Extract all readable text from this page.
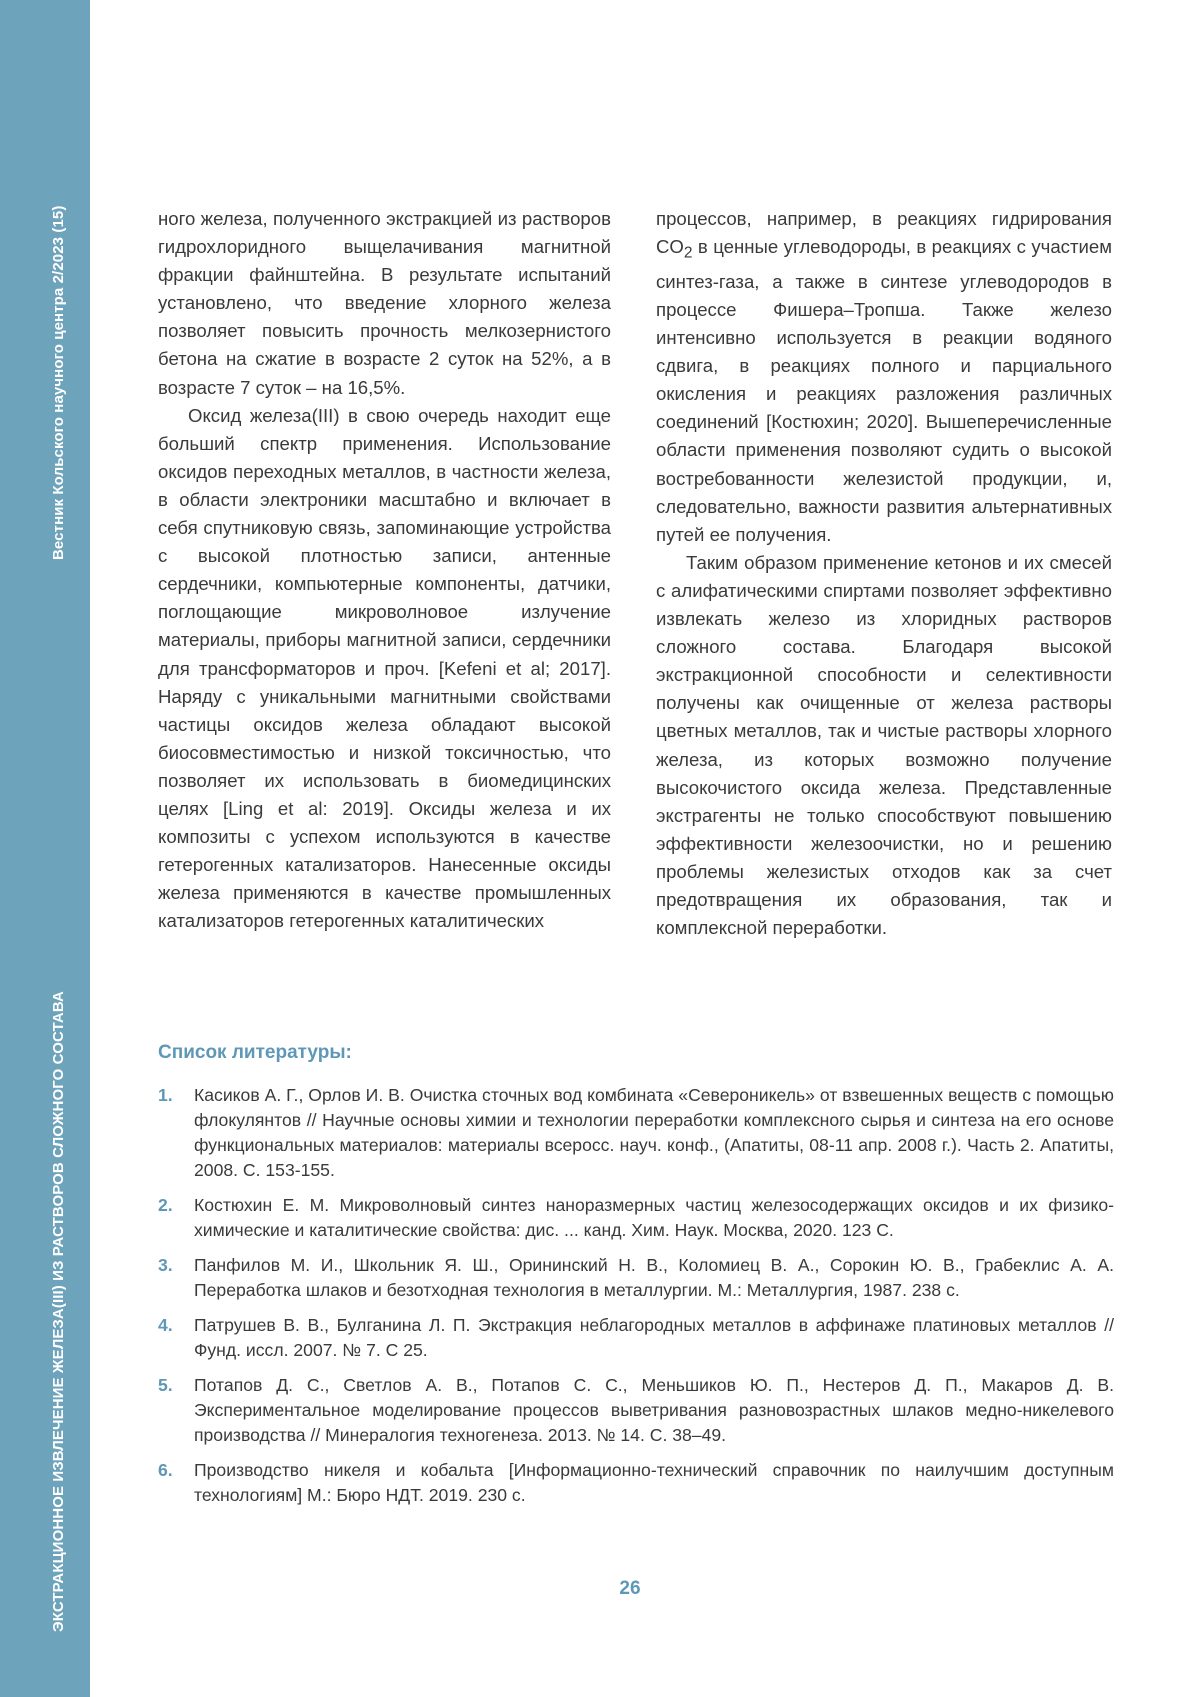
Вестник Кольского научного центра 2/2023 (15)
ЭКСТРАКЦИОННОЕ ИЗВЛЕЧЕНИЕ ЖЕЛЕЗА(III) ИЗ РАСТВОРОВ СЛОЖНОГО СОСТАВА

ного железа, полученного экстракцией из растворов гидрохлоридного выщелачивания магнитной фракции файнштейна. В результате испытаний установлено, что введение хлорного железа позволяет повысить прочность мелкозернистого бетона на сжатие в возрасте 2 суток на 52%, а в возрасте 7 суток – на 16,5%.

Оксид железа(III) в свою очередь находит еще больший спектр применения. Использование оксидов переходных металлов, в частности железа, в области электроники масштабно и включает в себя спутниковую связь, запоминающие устройства с высокой плотностью записи, антенные сердечники, компьютерные компоненты, датчики, поглощающие микроволновое излучение материалы, приборы магнитной записи, сердечники для трансформаторов и проч. [Kefeni et al; 2017]. Наряду с уникальными магнитными свойствами частицы оксидов железа обладают высокой биосовместимостью и низкой токсичностью, что позволяет их использовать в биомедицинских целях [Ling et al: 2019]. Оксиды железа и их композиты с успехом используются в качестве гетерогенных катализаторов. Нанесенные оксиды железа применяются в качестве промышленных катализаторов гетерогенных каталитических

процессов, например, в реакциях гидрирования $CO_2$ в ценные углеводороды, в реакциях с участием синтез-газа, а также в синтезе углеводородов в процессе Фишера–Тропша. Также железо интенсивно используется в реакции водяного сдвига, в реакциях полного и парциального окисления и реакциях разложения различных соединений [Костюхин; 2020]. Вышеперечисленные области применения позволяют судить о высокой востребованности железистой продукции, и, следовательно, важности развития альтернативных путей ее получения.

Таким образом применение кетонов и их смесей с алифатическими спиртами позволяет эффективно извлекать железо из хлоридных растворов сложного состава. Благодаря высокой экстракционной способности и селективности получены как очищенные от железа растворы цветных металлов, так и чистые растворы хлорного железа, из которых возможно получение высокочистого оксида железа. Представленные экстрагенты не только способствуют повышению эффективности железоочистки, но и решению проблемы железистых отходов как за счет предотвращения их образования, так и комплексной переработки.

Список литературы:
1. Касиков А. Г., Орлов И. В. Очистка сточных вод комбината «Североникель» от взвешенных веществ с помощью флокулянтов // Научные основы химии и технологии переработки комплексного сырья и синтеза на его основе функциональных материалов: материалы всеросс. науч. конф., (Апатиты, 08-11 апр. 2008 г.). Часть 2. Апатиты, 2008. С. 153-155.
2. Костюхин Е. М. Микроволновый синтез наноразмерных частиц железосодержащих оксидов и их физико-химические и каталитические свойства: дис. ... канд. Хим. Наук. Москва, 2020. 123 С.
3. Панфилов М. И., Школьник Я. Ш., Орининский Н. В., Коломиец В. А., Сорокин Ю. В., Грабеклис А. А. Переработка шлаков и безотходная технология в металлургии. М.: Металлургия, 1987. 238 с.
4. Патрушев В. В., Булганина Л. П. Экстракция неблагородных металлов в аффинаже платиновых металлов // Фунд. иссл. 2007. № 7. С 25.
5. Потапов Д. С., Светлов А. В., Потапов С. С., Меньшиков Ю. П., Нестеров Д. П., Макаров Д. В. Экспериментальное моделирование процессов выветривания разновозрастных шлаков медно-никелевого производства // Минералогия техногенеза. 2013. № 14. С. 38–49.
6. Производство никеля и кобальта [Информационно-технический справочник по наилучшим доступным технологиям] М.: Бюро НДТ. 2019. 230 с.
26
